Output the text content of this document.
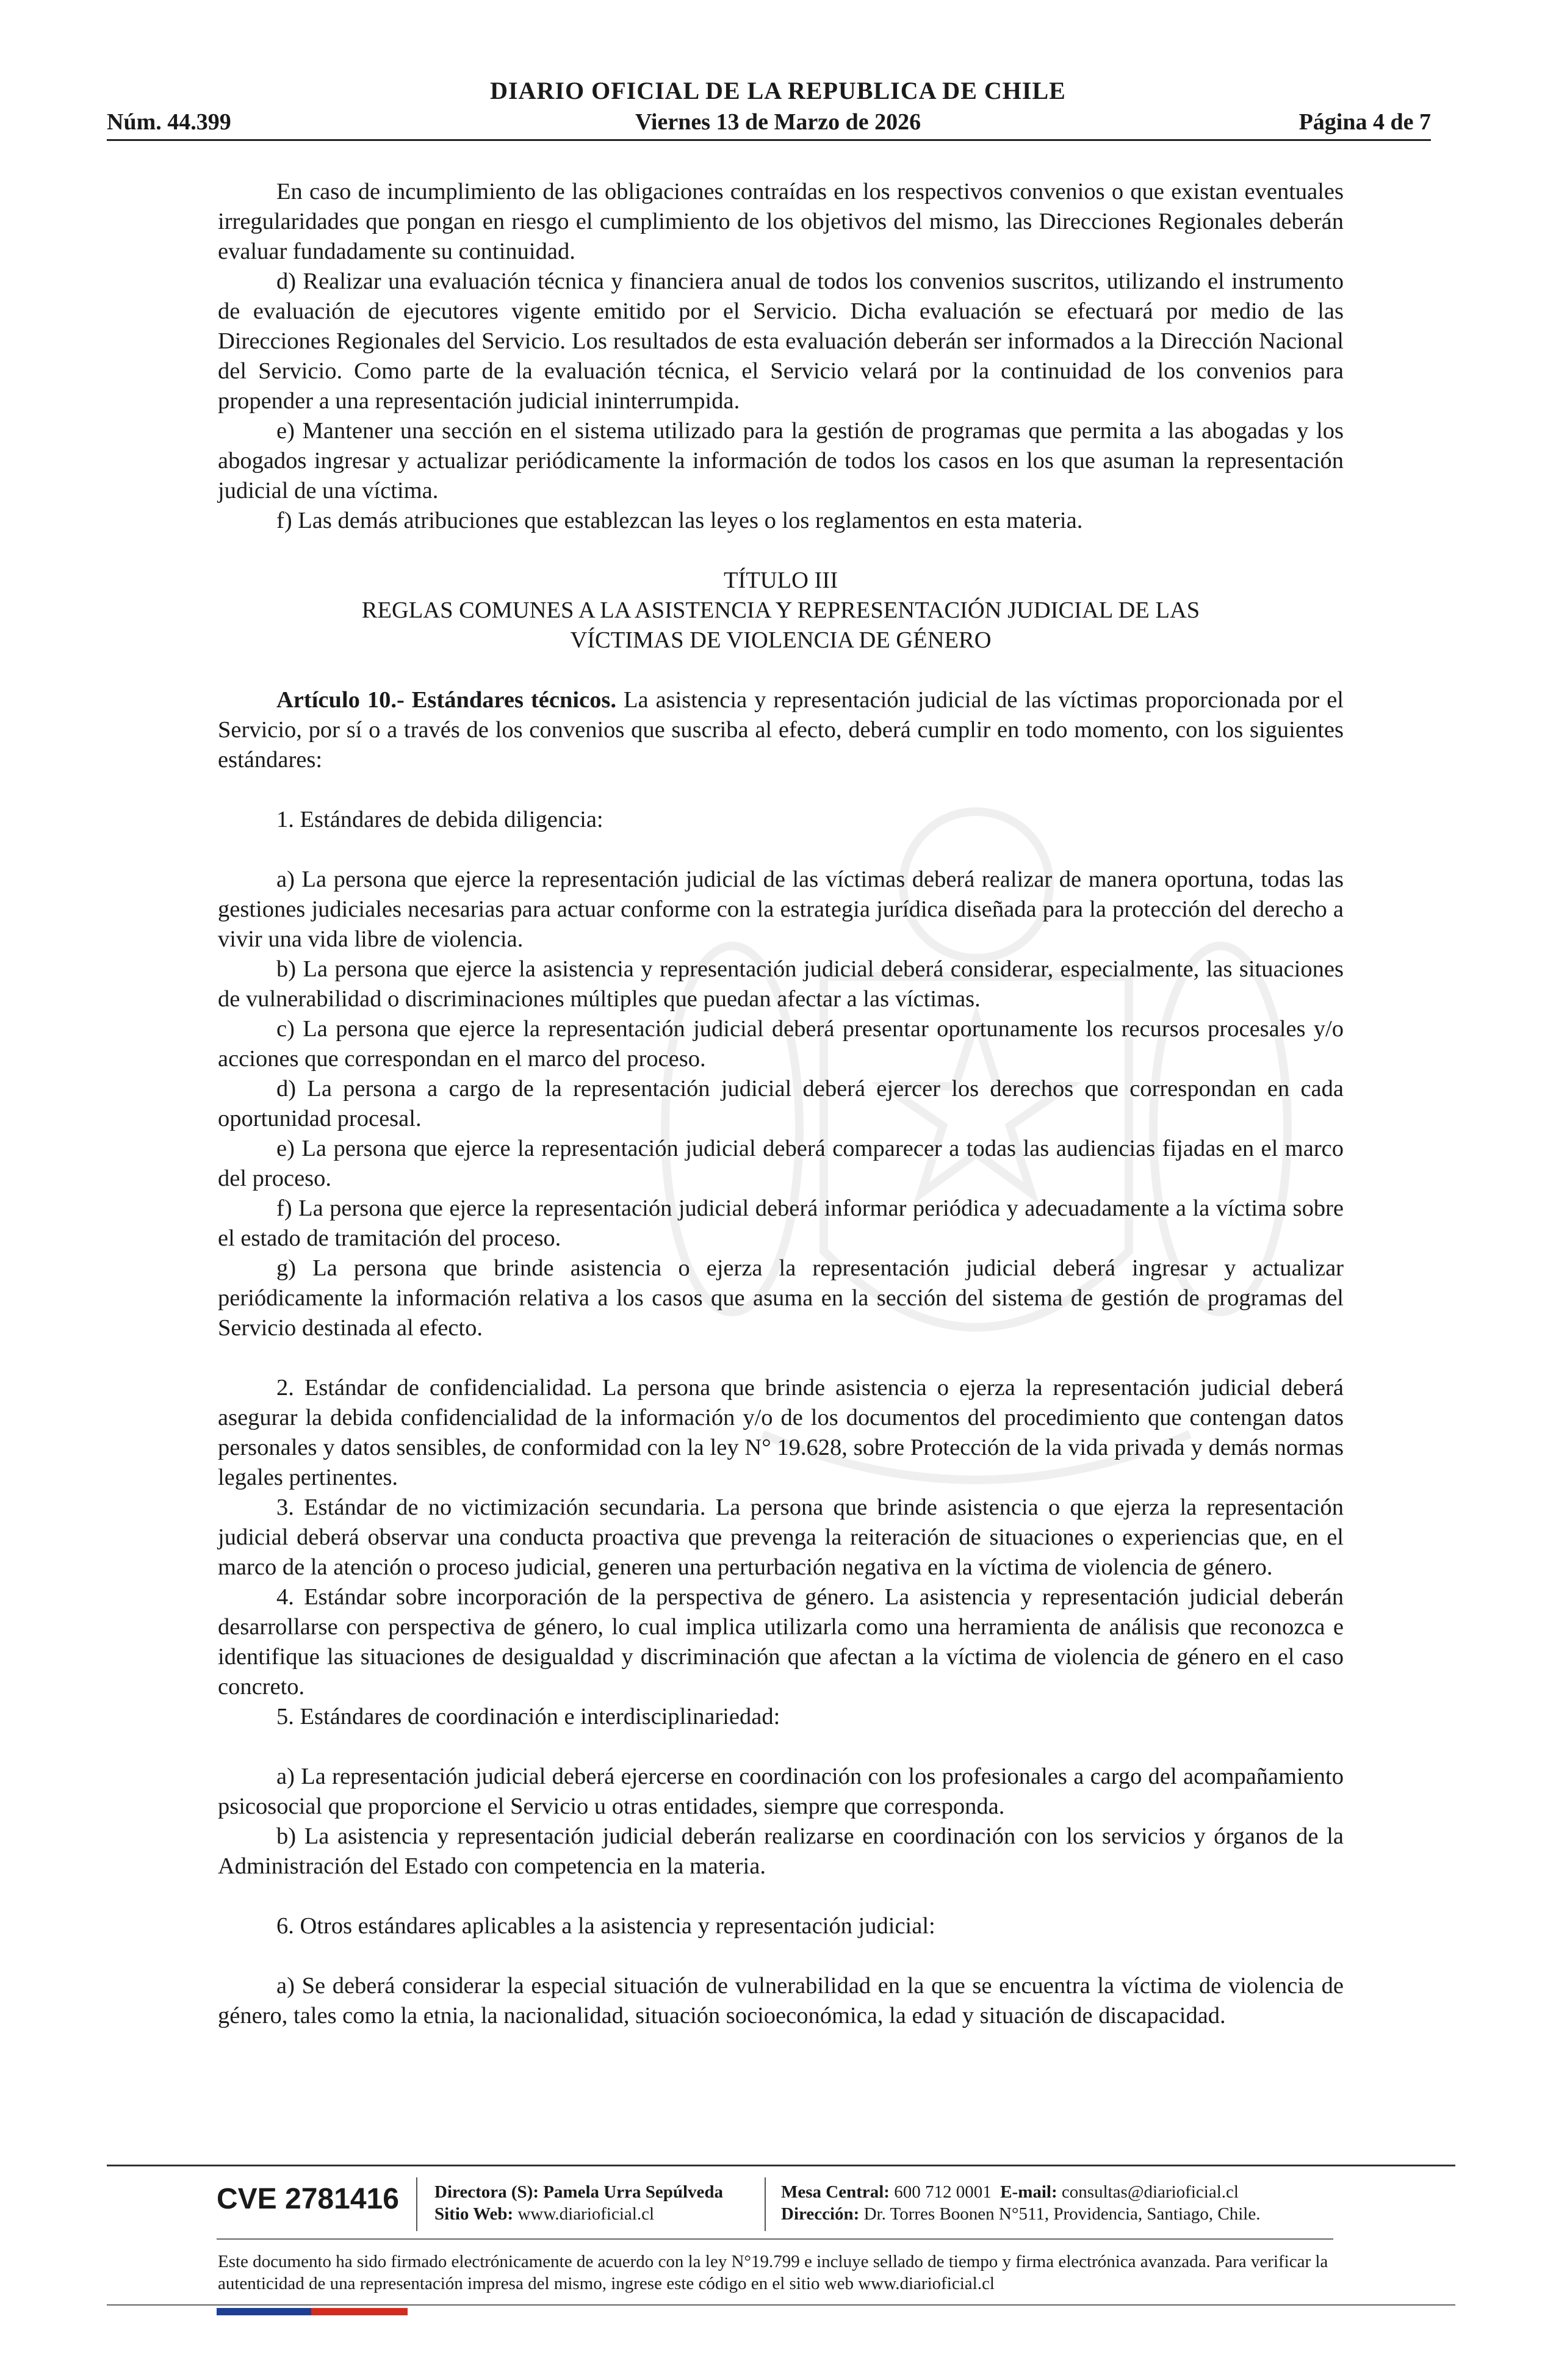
DIARIO OFICIAL DE LA REPUBLICA DE CHILE
Núm. 44.399	Viernes 13 de Marzo de 2026	Página 4 de 7

En caso de incumplimiento de las obligaciones contraídas en los respectivos convenios o que existan eventuales irregularidades que pongan en riesgo el cumplimiento de los objetivos del mismo, las Direcciones Regionales deberán evaluar fundadamente su continuidad.

d) Realizar una evaluación técnica y financiera anual de todos los convenios suscritos, utilizando el instrumento de evaluación de ejecutores vigente emitido por el Servicio. Dicha evaluación se efectuará por medio de las Direcciones Regionales del Servicio. Los resultados de esta evaluación deberán ser informados a la Dirección Nacional del Servicio. Como parte de la evaluación técnica, el Servicio velará por la continuidad de los convenios para propender a una representación judicial ininterrumpida.

e) Mantener una sección en el sistema utilizado para la gestión de programas que permita a las abogadas y los abogados ingresar y actualizar periódicamente la información de todos los casos en los que asuman la representación judicial de una víctima.

f) Las demás atribuciones que establezcan las leyes o los reglamentos en esta materia.

TÍTULO III

REGLAS COMUNES A LA ASISTENCIA Y REPRESENTACIÓN JUDICIAL DE LAS

VÍCTIMAS DE VIOLENCIA DE GÉNERO

Artículo 10.- Estándares técnicos. La asistencia y representación judicial de las víctimas proporcionada por el Servicio, por sí o a través de los convenios que suscriba al efecto, deberá cumplir en todo momento, con los siguientes estándares:

1. Estándares de debida diligencia:

a) La persona que ejerce la representación judicial de las víctimas deberá realizar de manera oportuna, todas las gestiones judiciales necesarias para actuar conforme con la estrategia jurídica diseñada para la protección del derecho a vivir una vida libre de violencia.

b) La persona que ejerce la asistencia y representación judicial deberá considerar, especialmente, las situaciones de vulnerabilidad o discriminaciones múltiples que puedan afectar a las víctimas.

c) La persona que ejerce la representación judicial deberá presentar oportunamente los recursos procesales y/o acciones que correspondan en el marco del proceso.

d) La persona a cargo de la representación judicial deberá ejercer los derechos que correspondan en cada oportunidad procesal.

e) La persona que ejerce la representación judicial deberá comparecer a todas las audiencias fijadas en el marco del proceso.

f) La persona que ejerce la representación judicial deberá informar periódica y adecuadamente a la víctima sobre el estado de tramitación del proceso.

g) La persona que brinde asistencia o ejerza la representación judicial deberá ingresar y actualizar periódicamente la información relativa a los casos que asuma en la sección del sistema de gestión de programas del Servicio destinada al efecto.

2. Estándar de confidencialidad. La persona que brinde asistencia o ejerza la representación judicial deberá asegurar la debida confidencialidad de la información y/o de los documentos del procedimiento que contengan datos personales y datos sensibles, de conformidad con la ley N° 19.628, sobre Protección de la vida privada y demás normas legales pertinentes.

3. Estándar de no victimización secundaria. La persona que brinde asistencia o que ejerza la representación judicial deberá observar una conducta proactiva que prevenga la reiteración de situaciones o experiencias que, en el marco de la atención o proceso judicial, generen una perturbación negativa en la víctima de violencia de género.

4. Estándar sobre incorporación de la perspectiva de género. La asistencia y representación judicial deberán desarrollarse con perspectiva de género, lo cual implica utilizarla como una herramienta de análisis que reconozca e identifique las situaciones de desigualdad y discriminación que afectan a la víctima de violencia de género en el caso concreto.

5. Estándares de coordinación e interdisciplinariedad:

a) La representación judicial deberá ejercerse en coordinación con los profesionales a cargo del acompañamiento psicosocial que proporcione el Servicio u otras entidades, siempre que corresponda.

b) La asistencia y representación judicial deberán realizarse en coordinación con los servicios y órganos de la Administración del Estado con competencia en la materia.

6. Otros estándares aplicables a la asistencia y representación judicial:

a) Se deberá considerar la especial situación de vulnerabilidad en la que se encuentra la víctima de violencia de género, tales como la etnia, la nacionalidad, situación socioeconómica, la edad y situación de discapacidad.

CVE 2781416 Directora (S): Pamela Urra Sepúlveda
Sitio Web: www.diarioficial.cl
Mesa Central: 600 712 0001 E-mail: consultas@diarioficial.cl
Dirección: Dr. Torres Boonen N°511, Providencia, Santiago, Chile.
Este documento ha sido firmado electrónicamente de acuerdo con la ley N°19.799 e incluye sellado de tiempo y firma electrónica avanzada. Para verificar la autenticidad de una representación impresa del mismo, ingrese este código en el sitio web www.diarioficial.cl
